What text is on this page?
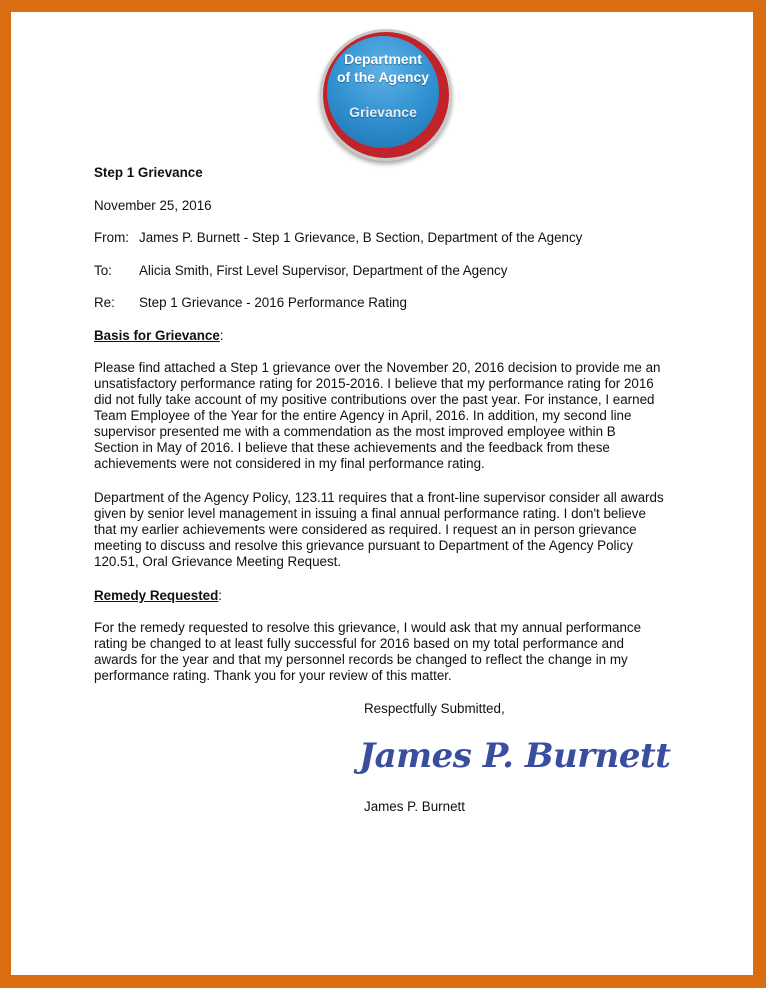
Department
of the Agency
Grievance
Step 1 Grievance
November 25, 2016
From: James P. Burnett - Step 1 Grievance, B Section, Department of the Agency
To: Alicia Smith, First Level Supervisor, Department of the Agency
Re: Step 1 Grievance - 2016 Performance Rating
Basis for Grievance:
Please find attached a Step 1 grievance over the November 20, 2016 decision to provide me an
unsatisfactory performance rating for 2015-2016. I believe that my performance rating for 2016
did not fully take account of my positive contributions over the past year. For instance, I earned
Team Employee of the Year for the entire Agency in April, 2016. In addition, my second line
supervisor presented me with a commendation as the most improved employee within B
Section in May of 2016. I believe that these achievements and the feedback from these
achievements were not considered in my final performance rating.
Department of the Agency Policy, 123.11 requires that a front-line supervisor consider all awards
given by senior level management in issuing a final annual performance rating. I don't believe
that my earlier achievements were considered as required. I request an in person grievance
meeting to discuss and resolve this grievance pursuant to Department of the Agency Policy
120.51, Oral Grievance Meeting Request.
Remedy Requested:
For the remedy requested to resolve this grievance, I would ask that my annual performance
rating be changed to at least fully successful for 2016 based on my total performance and
awards for the year and that my personnel records be changed to reflect the change in my
performance rating. Thank you for your review of this matter.
Respectfully Submitted,
James P. Burnett
James P. Burnett
